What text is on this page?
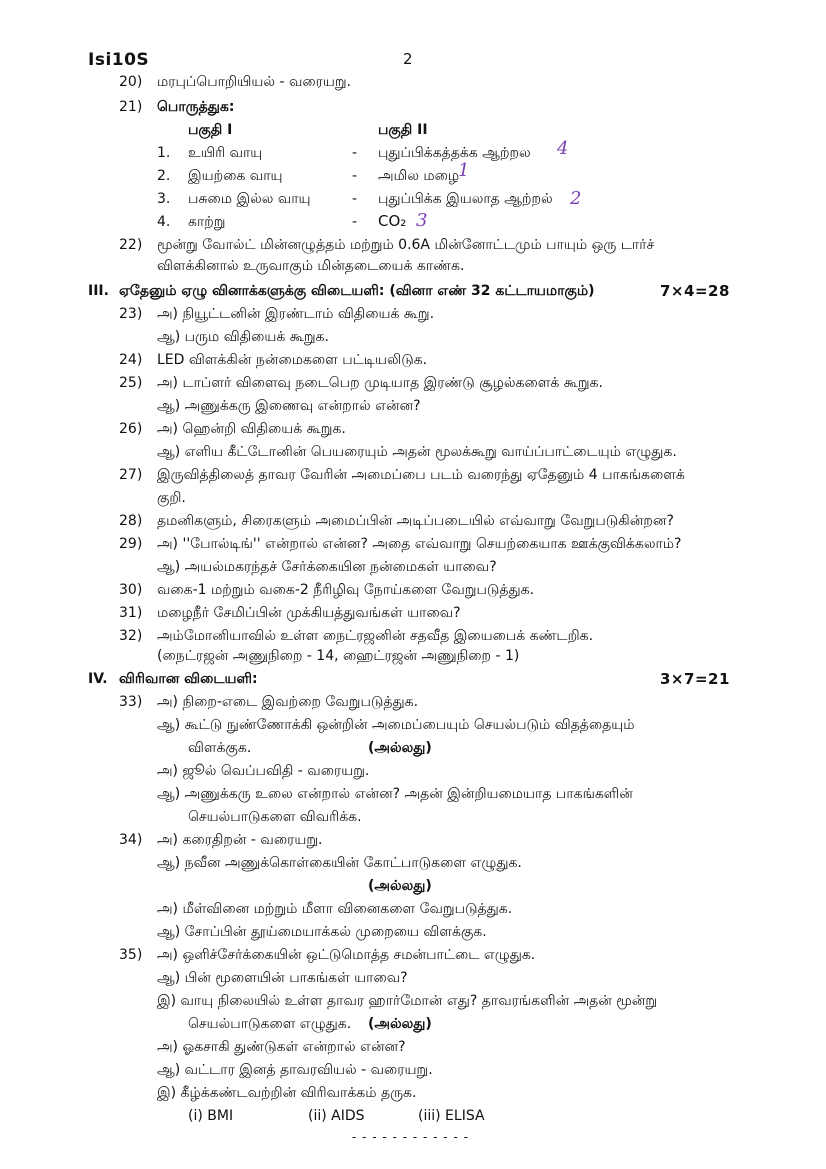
Isi10S	2
20) மரபுப்பொறியியல் - வரையறு.
21) பொருத்துக:
பகுதி I	பகுதி II
1. உயிரி வாயு	- புதுப்பிக்கத்தக்க ஆற்றல 4
2. இயற்கை வாயு	- அமில மழை
1
3. பசுமை இல்ல வாயு	- புதுப்பிக்க இயலாத ஆற்றல் 2
4. காற்று	- CO₂ 3
22) மூன்று வோல்ட் மின்னழுத்தம் மற்றும் 0.6A மின்னோட்டமும் பாயும் ஒரு டார்ச்
விளக்கினால் உருவாகும் மின்தடையைக் காண்க.
III. ஏதேனும் ஏழு வினாக்களுக்கு விடையளி: (வினா எண் 32 கட்டாயமாகும்)	7×4=28
23) அ) நியூட்டனின் இரண்டாம் விதியைக் கூறு.
ஆ) பரும விதியைக் கூறுக.
24) LED விளக்கின் நன்மைகளை பட்டியலிடுக.
25) அ) டாப்ளர் விளைவு நடைபெற முடியாத இரண்டு சூழல்களைக் கூறுக.
ஆ) அணுக்கரு இணைவு என்றால் என்ன?
26) அ) ஹென்றி விதியைக் கூறுக.
ஆ) எளிய கீட்டோனின் பெயரையும் அதன் மூலக்கூறு வாய்ப்பாட்டையும் எழுதுக.
27) இருவித்திலைத் தாவர வேரின் அமைப்பை படம் வரைந்து ஏதேனும் 4 பாகங்களைக்
குறி.
28) தமனிகளும், சிரைகளும் அமைப்பின் அடிப்படையில் எவ்வாறு வேறுபடுகின்றன?
29) அ) ''போல்டிங்'' என்றால் என்ன? அதை எவ்வாறு செயற்கையாக ஊக்குவிக்கலாம்?
ஆ) அயல்மகரந்தச் சேர்க்கையின நன்மைகள் யாவை?
30) வகை-1 மற்றும் வகை-2 நீரிழிவு நோய்களை வேறுபடுத்துக.
31) மழைநீர் சேமிப்பின் முக்கியத்துவங்கள் யாவை?
32) அம்மோனியாவில் உள்ள நைட்ரஜனின் சதவீத இயைபைக் கண்டறிக.
(நைட்ரஜன் அணுநிறை - 14, ஹைட்ரஜன் அணுநிறை - 1)
IV. விரிவான விடையளி:	3×7=21
33) அ) நிறை-எடை இவற்றை வேறுபடுத்துக.
ஆ) கூட்டு நுண்ணோக்கி ஒன்றின் அமைப்பையும் செயல்படும் விதத்தையும்
விளக்குக.	(அல்லது)
அ) ஜூல் வெப்பவிதி - வரையறு.
ஆ) அணுக்கரு உலை என்றால் என்ன? அதன் இன்றியமையாத பாகங்களின்
செயல்பாடுகளை விவரிக்க.
34) அ) கரைதிறன் - வரையறு.
ஆ) நவீன அணுக்கொள்கையின் கோட்பாடுகளை எழுதுக.
(அல்லது)
அ) மீள்வினை மற்றும் மீளா வினைகளை வேறுபடுத்துக.
ஆ) சோப்பின் தூய்மையாக்கல் முறையை விளக்குக.
35) அ) ஒளிச்சேர்க்கையின் ஒட்டுமொத்த சமன்பாட்டை எழுதுக.
ஆ) பின் மூளையின் பாகங்கள் யாவை?
இ) வாயு நிலையில் உள்ள தாவர ஹார்மோன் எது? தாவரங்களின் அதன் மூன்று
செயல்பாடுகளை எழுதுக. (அல்லது)
அ) ஓகசாகி துண்டுகள் என்றால் என்ன?
ஆ) வட்டார இனத் தாவரவியல் - வரையறு.
இ) கீழ்க்கண்டவற்றின் விரிவாக்கம் தருக.
(i) BMI	(ii) AIDS	(iii) ELISA
- - - - - - - - - - - -
